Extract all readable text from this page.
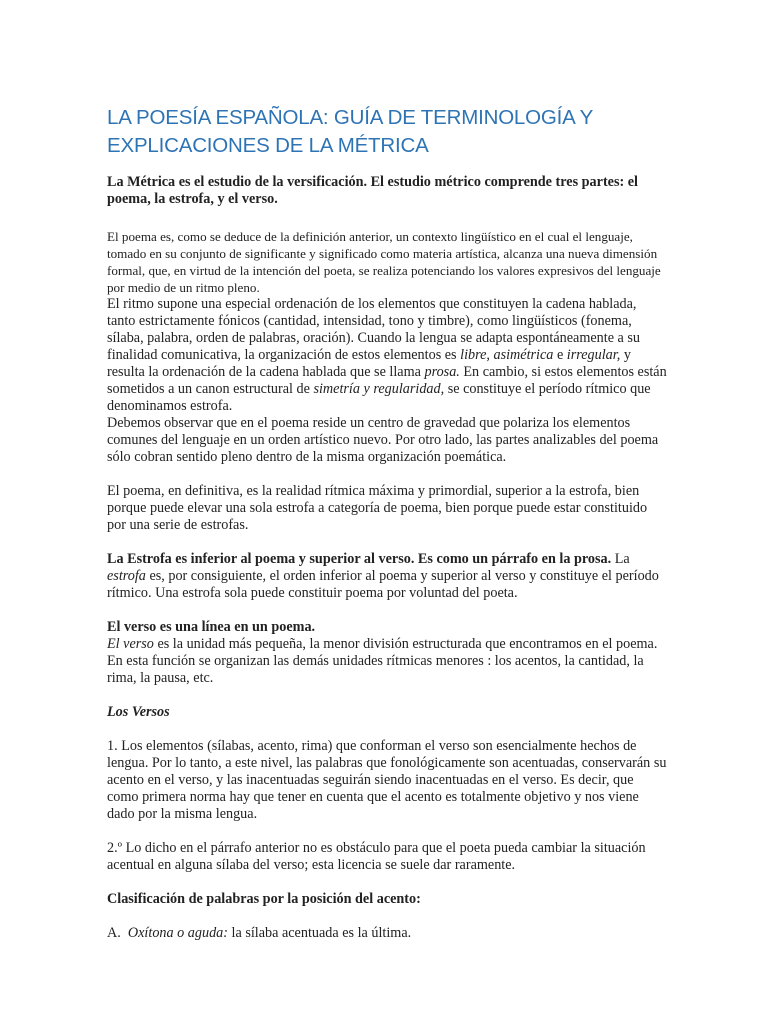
LA POESÍA ESPAÑOLA: GUÍA DE TERMINOLOGÍA Y EXPLICACIONES DE LA MÉTRICA

La Métrica es el estudio de la versificación. El estudio métrico comprende tres partes: el poema, la estrofa, y el verso.

El poema es, como se deduce de la definición anterior, un contexto lingüístico en el cual el lenguaje, tomado en su conjunto de significante y significado como materia artística, alcanza una nueva dimensión formal, que, en virtud de la intención del poeta, se realiza potenciando los valores expresivos del lenguaje por medio de un ritmo pleno.

El ritmo supone una especial ordenación de los elementos que constituyen la cadena hablada, tanto estrictamente fónicos (cantidad, intensidad, tono y timbre), como lingüísticos (fonema, sílaba, palabra, orden de palabras, oración). Cuando la lengua se adapta espontáneamente a su finalidad comunicativa, la organización de estos elementos es libre, asimétrica e irregular, y resulta la ordenación de la cadena hablada que se llama prosa. En cambio, si estos elementos están sometidos a un canon estructural de simetría y regularidad, se constituye el período rítmico que denominamos estrofa.

Debemos observar que en el poema reside un centro de gravedad que polariza los elementos comunes del lenguaje en un orden artístico nuevo. Por otro lado, las partes analizables del poema sólo cobran sentido pleno dentro de la misma organización poemática.

El poema, en definitiva, es la realidad rítmica máxima y primordial, superior a la estrofa, bien porque puede elevar una sola estrofa a categoría de poema, bien porque puede estar constituido por una serie de estrofas.

La Estrofa es inferior al poema y superior al verso. Es como un párrafo en la prosa. La estrofa es, por consiguiente, el orden inferior al poema y superior al verso y constituye el período rítmico. Una estrofa sola puede constituir poema por voluntad del poeta.

El verso es una línea en un poema.

El verso es la unidad más pequeña, la menor división estructurada que encontramos en el poema. En esta función se organizan las demás unidades rítmicas menores : los acentos, la cantidad, la rima, la pausa, etc.

Los Versos

1. Los elementos (sílabas, acento, rima) que conforman el verso son esencialmente hechos de lengua. Por lo tanto, a este nivel, las palabras que fonológicamente son acentuadas, conservarán su acento en el verso, y las inacentuadas seguirán siendo inacentuadas en el verso. Es decir, que como primera norma hay que tener en cuenta que el acento es totalmente objetivo y nos viene dado por la misma lengua.

2.º Lo dicho en el párrafo anterior no es obstáculo para que el poeta pueda cambiar la situación acentual en alguna sílaba del verso; esta licencia se suele dar raramente.

Clasificación de palabras por la posición del acento:

A.  Oxítona o aguda: la sílaba acentuada es la última.
